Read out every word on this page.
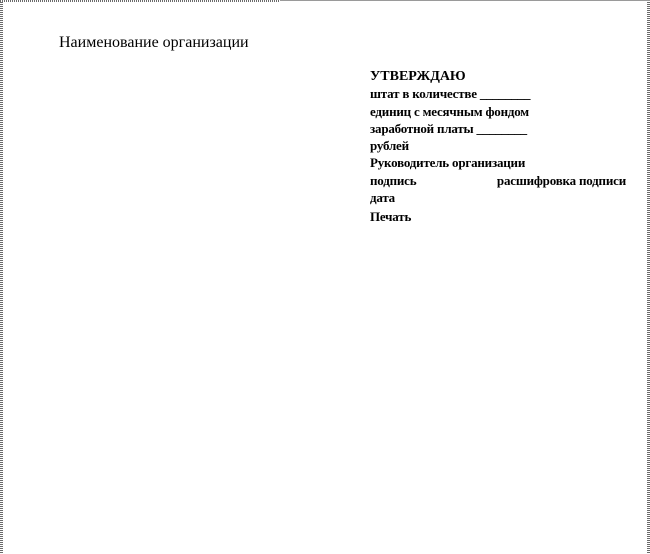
Наименование организации
УТВЕРЖДАЮ
штат в количестве ________
единиц с месячным фондом
заработной платы ________
рублей
Руководитель организации
подпись	расшифровка подписи
дата
Печать
